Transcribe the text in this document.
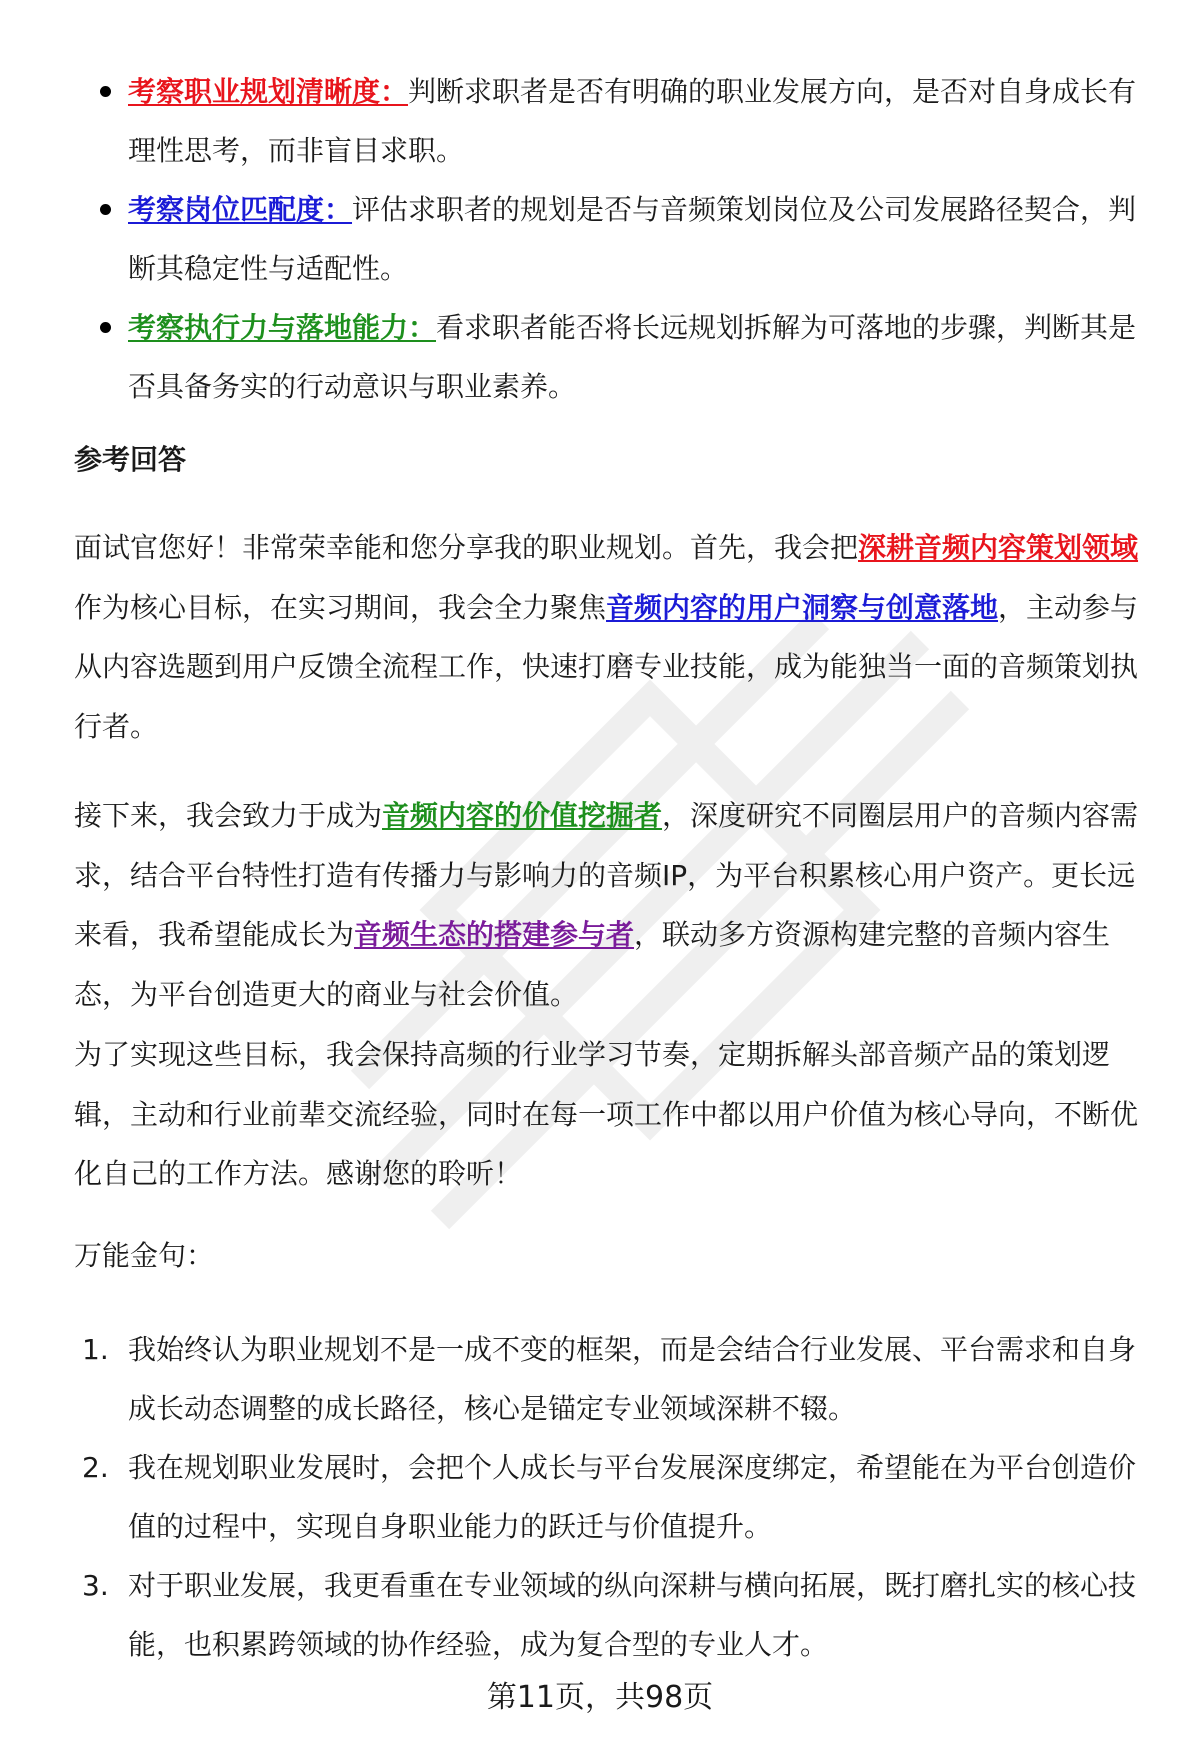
考察职业规划清晰度：判断求职者是否有明确的职业发展方向，是否对自身成长有理性思考，而非盲目求职。
考察岗位匹配度：评估求职者的规划是否与音频策划岗位及公司发展路径契合，判断其稳定性与适配性。
考察执行力与落地能力：看求职者能否将长远规划拆解为可落地的步骤，判断其是否具备务实的行动意识与职业素养。

参考回答

面试官您好！非常荣幸能和您分享我的职业规划。首先，我会把深耕音频内容策划领域作为核心目标，在实习期间，我会全力聚焦音频内容的用户洞察与创意落地，主动参与从内容选题到用户反馈全流程工作，快速打磨专业技能，成为能独当一面的音频策划执行者。

接下来，我会致力于成为音频内容的价值挖掘者，深度研究不同圈层用户的音频内容需求，结合平台特性打造有传播力与影响力的音频IP，为平台积累核心用户资产。更长远来看，我希望能成长为音频生态的搭建参与者，联动多方资源构建完整的音频内容生态，为平台创造更大的商业与社会价值。

为了实现这些目标，我会保持高频的行业学习节奏，定期拆解头部音频产品的策划逻辑，主动和行业前辈交流经验，同时在每一项工作中都以用户价值为核心导向，不断优化自己的工作方法。感谢您的聆听！

万能金句：

1. 我始终认为职业规划不是一成不变的框架，而是会结合行业发展、平台需求和自身成长动态调整的成长路径，核心是锚定专业领域深耕不辍。
2. 我在规划职业发展时，会把个人成长与平台发展深度绑定，希望能在为平台创造价值的过程中，实现自身职业能力的跃迁与价值提升。
3. 对于职业发展，我更看重在专业领域的纵向深耕与横向拓展，既打磨扎实的核心技能，也积累跨领域的协作经验，成为复合型的专业人才。

第11页，共98页
